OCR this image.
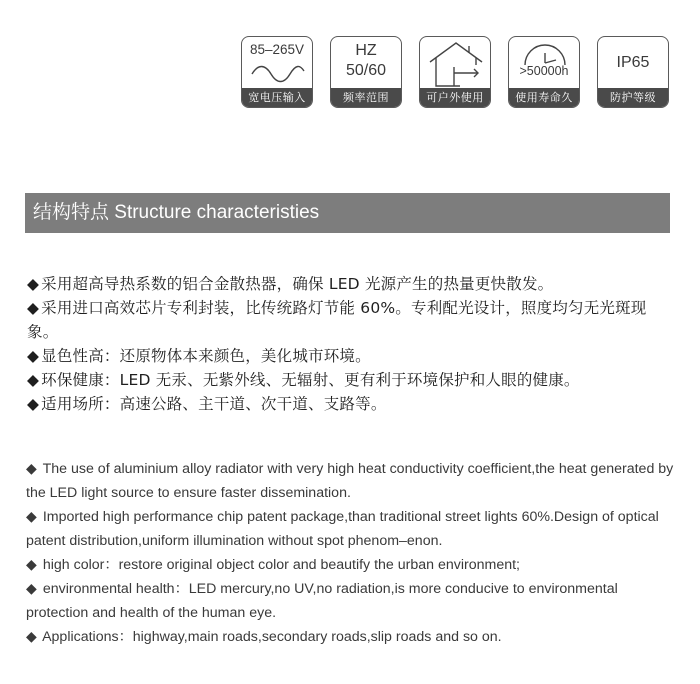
85–265V
宽电压输入
HZ
50/60
频率范围	可户外使用
>50000h
使用寿命久
IP65
防护等级
结构特点 Structure characteristies
◆ 采用超高导热系数的铝合金散热器，确保 LED 光源产生的热量更快散发。
◆ 采用进口高效芯片专利封装，比传统路灯节能 60%。专利配光设计，照度均匀无光斑现象。
◆ 显色性高：还原物体本来颜色，美化城市环境。
◆ 环保健康：LED 无汞、无紫外线、无辐射、更有利于环境保护和人眼的健康。
◆ 适用场所：高速公路、主干道、次干道、支路等。
◆ The use of aluminium alloy radiator with very high heat conductivity coefficient,the heat generated by the LED light source to ensure faster dissemination.
◆ Imported high performance chip patent package,than traditional street lights 60%.Design of optical patent distribution,uniform illumination without spot phenom–enon.
◆ high color：restore original object color and beautify the urban environment;
◆ environmental health：LED mercury,no UV,no radiation,is more conducive to environmental protection and health of the human eye.
◆ Applications：highway,main roads,secondary roads,slip roads and so on.
